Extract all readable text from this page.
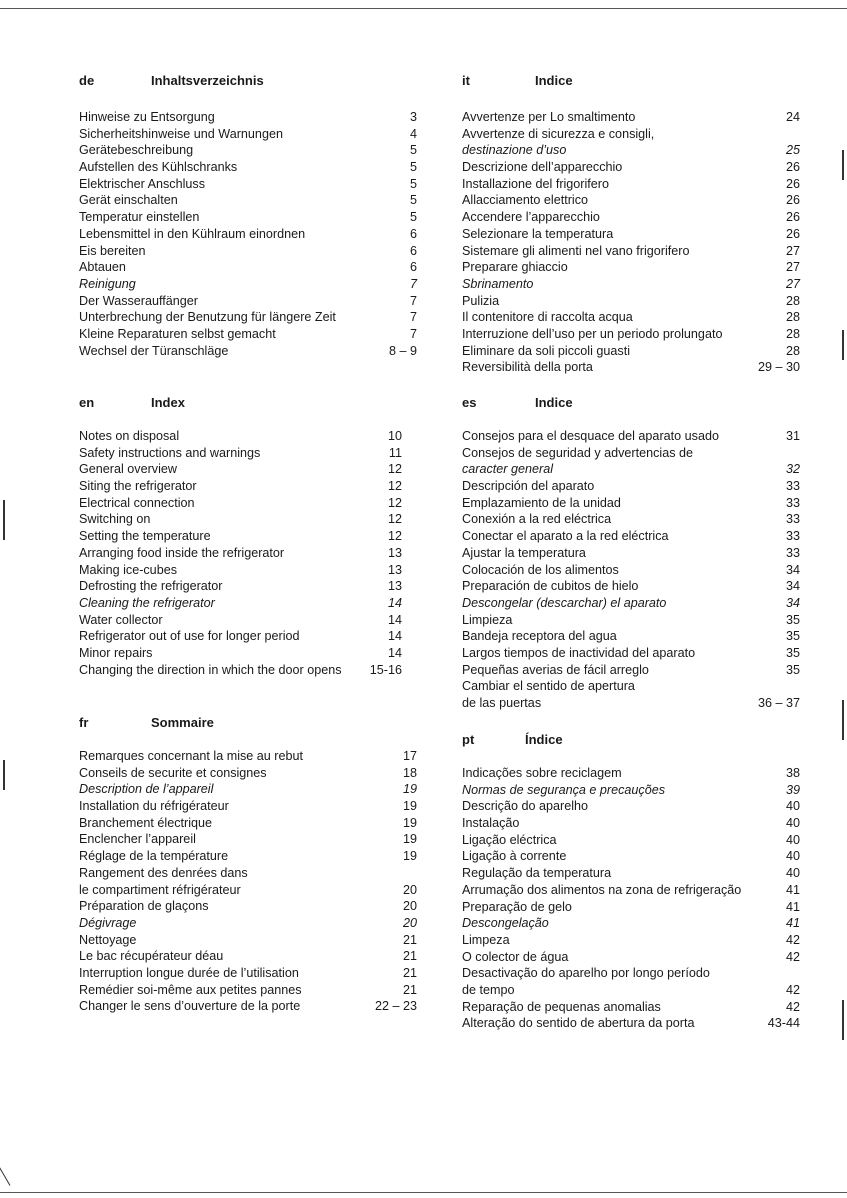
de	Inhaltsverzeichnis
Hinweise zu Entsorgung	3
Sicherheitshinweise und Warnungen	4
Gerätebeschreibung	5
Aufstellen des Kühlschranks	5
Elektrischer Anschluss	5
Gerät einschalten	5
Temperatur einstellen	5
Lebensmittel in den Kühlraum einordnen	6
Eis bereiten	6
Abtauen	6
Reinigung	7
Der Wasserauffänger	7
Unterbrechung der Benutzung für längere Zeit	7
Kleine Reparaturen selbst gemacht	7
Wechsel der Türanschläge	8 – 9
en	Index
Notes on disposal	10
Safety instructions and warnings	11
General overview	12
Siting the refrigerator	12
Electrical connection	12
Switching on	12
Setting the temperature	12
Arranging food inside the refrigerator	13
Making ice-cubes	13
Defrosting the refrigerator	13
Cleaning the refrigerator	14
Water collector	14
Refrigerator out of use for longer period	14
Minor repairs	14
Changing the direction in which the door opens 15-16
fr	Sommaire
Remarques concernant la mise au rebut	17
Conseils de securite et consignes	18
Description de l’appareil	19
Installation du réfrigérateur	19
Branchement électrique	19
Enclencher l’appareil	19
Réglage de la température	19
Rangement des denrées dans
le compartiment réfrigérateur	20
Préparation de glaçons	20
Dégivrage	20
Nettoyage	21
Le bac récupérateur déau	21
Interruption longue durée de l’utilisation	21
Remédier soi-même aux petites pannes	21
Changer le sens d’ouverture de la porte	22 – 23
it	Indice
Avvertenze per Lo smaltimento	24
Avvertenze di sicurezza e consigli,
destinazione d’uso	25
Descrizione dell’apparecchio	26
Installazione del frigorifero	26
Allacciamento elettrico	26
Accendere l’apparecchio	26
Selezionare la temperatura	26
Sistemare gli alimenti nel vano frigorifero	27
Preparare ghiaccio	27
Sbrinamento	27
Pulizia	28
Il contenitore di raccolta acqua	28
Interruzione dell’uso per un periodo prolungato	28
Eliminare da soli piccoli guasti	28
Reversibilità della porta	29 – 30
es	Indice
Consejos para el desquace del aparato usado	31
Consejos de seguridad y advertencias de
caracter general	32
Descripción del aparato	33
Emplazamiento de la unidad	33
Conexión a la red eléctrica	33
Conectar el aparato a la red eléctrica	33
Ajustar la temperatura	33
Colocación de los alimentos	34
Preparación de cubitos de hielo	34
Descongelar (descarchar) el aparato	34
Limpieza	35
Bandeja receptora del agua	35
Largos tiempos de inactividad del aparato	35
Pequeñas averias de fácil arreglo	35
Cambiar el sentido de apertura
de las puertas	36 – 37
pt	Índice
Indicações sobre reciclagem	38
Normas de segurança e precauções	39
Descrição do aparelho	40
Instalação	40
Ligação eléctrica	40
Ligação à corrente	40
Regulação da temperatura	40
Arrumação dos alimentos na zona de refrigeração	41
Preparação de gelo	41
Descongelação	41
Limpeza	42
O colector de água	42
Desactivação do aparelho por longo período
de tempo	42
Reparação de pequenas anomalias	42
Alteração do sentido de abertura da porta	43-44
